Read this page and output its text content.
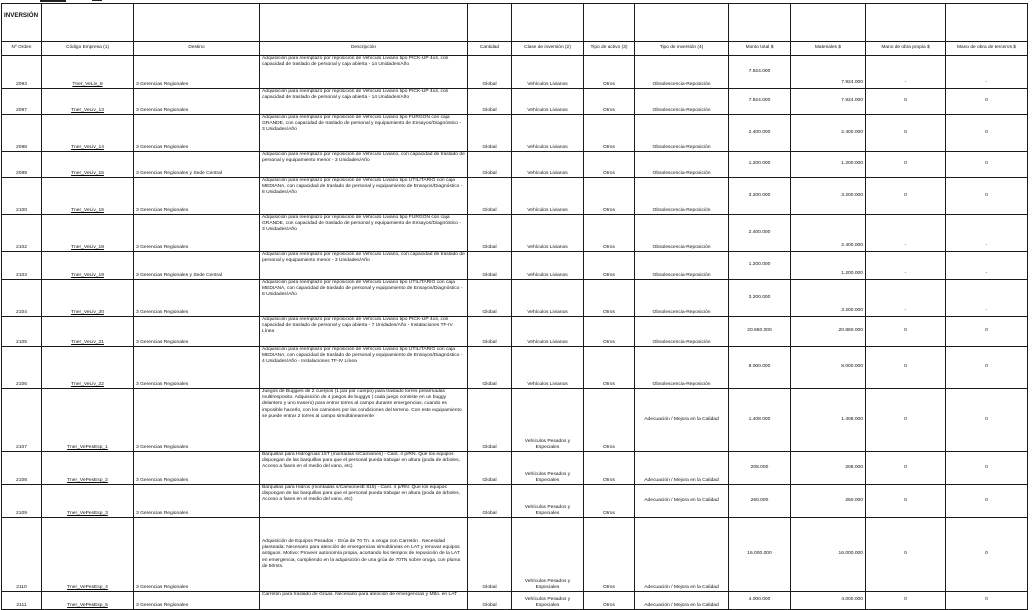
INVERSIÓN											
Nº Orden	Código Empresa (1)	Destino	Descripción	Cantidad	Clase de inversión (2)	Tipo de activo (3)	Tipo de inversión (4)	Monto total $	Materiales $	Mano de obra propia $	Mano de obra de terceros $
2093	Tner_VeLiv_9	3 Gerencias Regionales	Adquisición para reemplazo por reposición de Vehículo Liviano tipo PICK-UP 4x4, con capacidad de traslado de personal y caja abierta - 14 Unidades/Año	Global	Vehículos Livianos	Otros	Obsolescencia-Reposición	7.924.000	7.924.000	-	-
2097	Tner_VeLiv_13	3 Gerencias Regionales	Adquisición para reemplazo por reposición de Vehículo Liviano tipo PICK-UP 4x4, con capacidad de traslado de personal y caja abierta - 14 Unidades/Año	Global	Vehículos Livianos	Otros	Obsolescencia-Reposición	7.924.000	7.924.000	0	0
2098	Tner_VeLiv_14	3 Gerencias Regionales	Adquisición para reemplazo por reposición de Vehículo Liviano tipo FURGÓN con caja GRANDE, con capacidad de traslado de personal y equipamiento de Ensayos/Diagnóstico - 3 Unidades/Año	Global	Vehículos Livianos	Otros	Obsolescencia-Reposición	2.400.000	2.400.000	0	0
2099	Tner_VeLiv_15	3 Gerencias Regionales y Sede Central	Adquisición para reemplazo por reposición de Vehículo Liviano, con capacidad de traslado de personal y equipamiento menor - 3 Unidades/Año	Global	Vehículos Livianos	Otros	Obsolescencia-Reposición	1.200.000	1.200.000	0	0
2100	Tner_VeLiv_16	3 Gerencias Regionales	Adquisición para reemplazo por reposición de Vehículo Liviano tipo UTILITARIO con caja MEDIANA, con capacidad de traslado de personal y equipamiento de Ensayos/Diagnóstico - 8 Unidades/Año	Global	Vehículos Livianos	Otros	Obsolescencia-Reposición	3.200.000	3.200.000	0	0
2102	Tner_VeLiv_18	3 Gerencias Regionales	Adquisición para reemplazo por reposición de Vehículo Liviano tipo FURGÓN con caja GRANDE, con capacidad de traslado de personal y equipamiento de Ensayos/Diagnóstico - 3 Unidades/Año	Global	Vehículos Livianos	Otros	Obsolescencia-Reposición	2.400.000	2.400.000	-	-
2103	Tner_VeLiv_19	3 Gerencias Regionales y Sede Central	Adquisición para reemplazo por reposición de Vehículo Liviano, con capacidad de traslado de personal y equipamiento menor - 3 Unidades/Año	Global	Vehículos Livianos	Otros	Obsolescencia-Reposición	1.200.000	1.200.000	-	-
2104	Tner_VeLiv_20	3 Gerencias Regionales	Adquisición para reemplazo por reposición de Vehículo Liviano tipo UTILITARIO con caja MEDIANA, con capacidad de traslado de personal y equipamiento de Ensayos/Diagnóstico - 8 Unidades/Año	Global	Vehículos Livianos	Otros	Obsolescencia-Reposición	3.200.000	3.200.000	-	-
2105	Tner_VeLiv_21	3 Gerencias Regionales	Adquisición para reemplazo por reposición de Vehículo Liviano tipo PICK-UP 4x4, con capacidad de traslado de personal y caja abierta - 7 Unidades/Año - Instalaciones TF-IV Línea	Global	Vehículos Livianos	Otros	Obsolescencia-Reposición	20.860.000	20.860.000	0	0
2106	Tner_VeLiv_22	3 Gerencias Regionales	Adquisición para reemplazo por reposición de Vehículo Liviano tipo UTILITARIO con caja MEDIANA, con capacidad de traslado de personal y equipamiento de Ensayos/Diagnóstico - 4 Unidades/Año - Instalaciones TF-IV Línea	Global	Vehículos Livianos	Otros	Obsolescencia-Reposición	8.000.000	8.000.000	0	0
2107	Tner_VePesEsp_1	3 Gerencias Regionales	Juegos de Buggies de 2 cuerpos (1 par por cuerpo) para traslado torres prearmadas multiresposito. Adquisición de 4 juegos de buggys ( cada juego consiste en un buggy delantero y uno trasero) para entrar torres al campo durante emergencias, cuando es imposible hacerlo, con los camiones por las condiciones del terreno. Con este equipamiento se puede entrar 2 torres al campo simultáneamente	Global	Vehículos Pesados y Especiales	Otros	Adecuación / Mejora en la Calidad	1.408.000	1.408.000	0	0
2108	Tner_VePesEsp_2	3 Gerencias Regionales	Barquillas para Hidrogrúas 15T (montadas s/Camiones) - Cant. 4 p/RN. Que los equipos dispongan de las barquillas para que el personal pueda trabajar en altura (poda de árboles, Acceso a fases en el medio del vano, etc)	Global	Vehículos Pesados y Especiales	Otros	Adecuación / Mejora en la Calidad	208.000	208.000	0	0
2109	Tner_VePesEsp_3	3 Gerencias Regionales	Barquillas para Hidros (montadas s/CamionesE 815) - Cant. 4 p/RN. Que los equipos dispongan de las barquillas para que el personal pueda trabajar en altura (poda de árboles, Acceso a fases en el medio del vano, etc)	Global	Vehículos Pesados y Especiales	Otros	Adecuación / Mejora en la Calidad	260.000	260.000	0	0
2110	Tner_VePesEsp_4	3 Gerencias Regionales	Adquisición de Equipos Pesados - Grúa de 70 Tn. a oruga con Carretón . Necesidad planteada: Necesario para atención de emergencias simultáneas en LAT y renovar equipos antiguos. Motivo: Proveer autonomía propia, acortando los tiempos de reposición de la LAT en emergencia, cumpliendo en la adquisición de una grúa de 70TN sobre oruga, con pluma de 50mts.	Global	Vehículos Pesados y Especiales	Otros	Adecuación / Mejora en la Calidad	16.000.000	16.000.000	0	0
2111	Tner_VePesEsp_5	3 Gerencias Regionales	Carretón para traslado de Grúas. Necesario para atención de emergencias y Mtto. en LAT	Global	Vehículos Pesados y Especiales	Otros	Adecuación / Mejora en la Calidad	4.000.000	4.000.000	0	0
